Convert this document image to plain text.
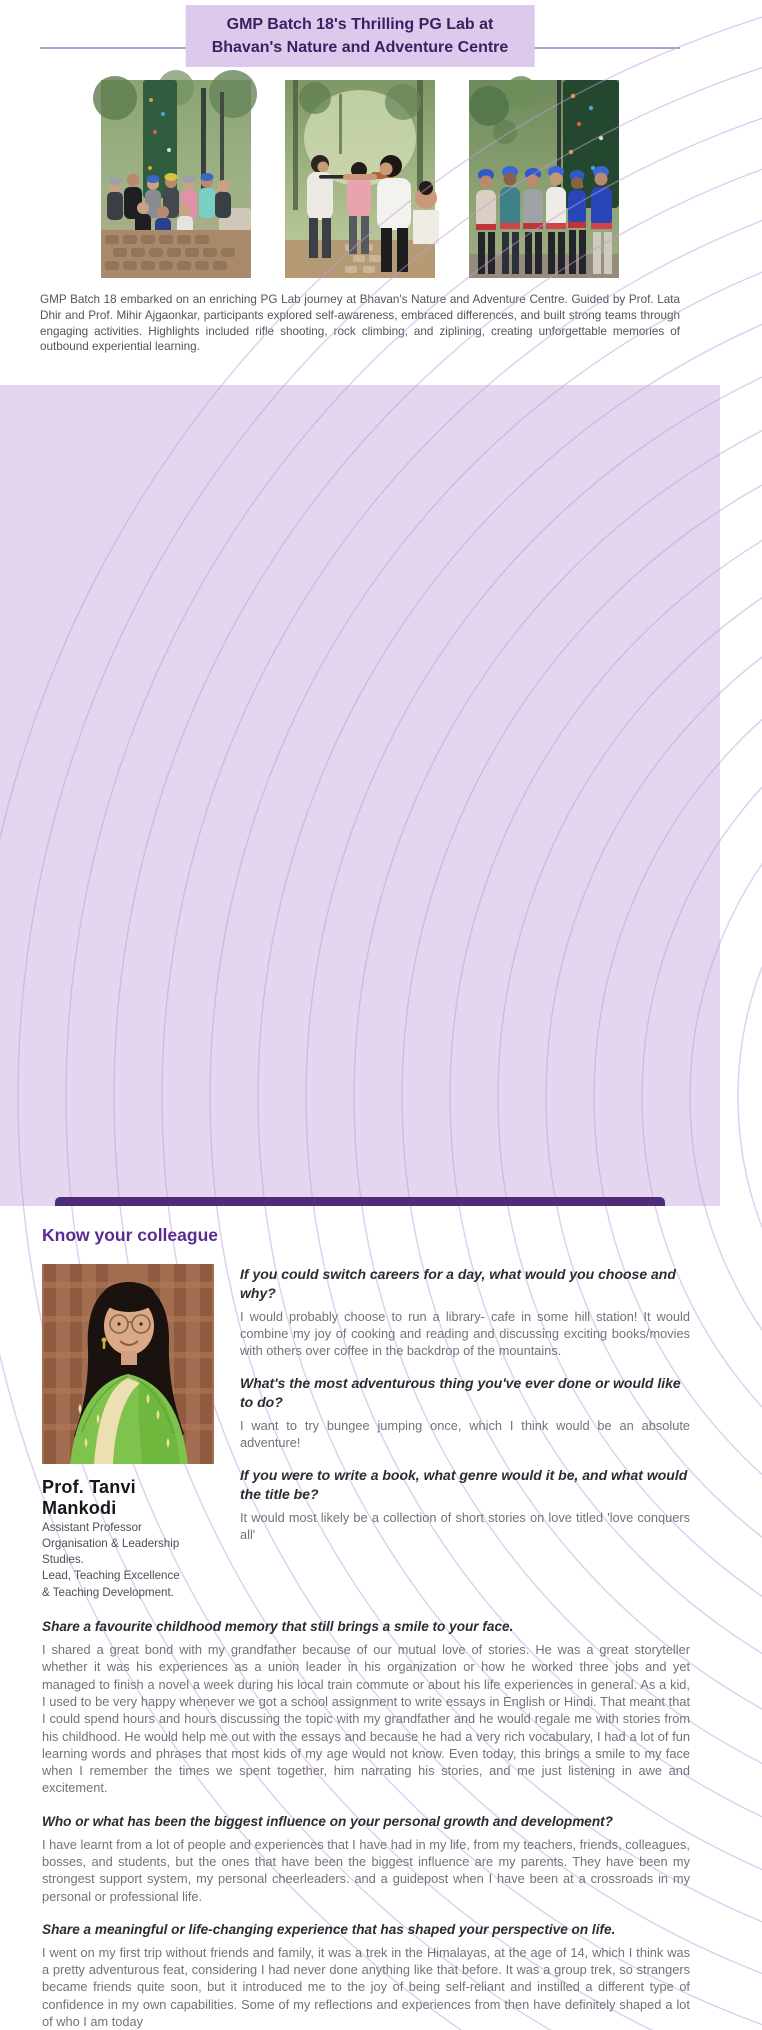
GMP Batch 18's Thrilling PG Lab at
Bhavan's Nature and Adventure Centre

GMP Batch 18 embarked on an enriching PG Lab journey at Bhavan's Nature and Adventure Centre. Guided by Prof. Lata Dhir and Prof. Mihir Ajgaonkar, participants explored self-awareness, embraced differences, and built strong teams through engaging activities. Highlights included rifle shooting, rock climbing, and ziplining, creating unforgettable memories of outbound experiential learning.

Know your colleague
Prof. Tanvi Mankodi
Assistant Professor
Organisation & Leadership Studies.
Lead, Teaching Excellence
& Teaching Development.
If you could switch careers for a day, what would you choose and why?

I would probably choose to run a library- cafe in some hill station! It would combine my joy of cooking and reading and discussing exciting books/movies with others over coffee in the backdrop of the mountains.

What's the most adventurous thing you've ever done or would like to do?

I want to try bungee jumping once, which I think would be an absolute adventure!

If you were to write a book, what genre would it be, and what would the title be?

It would most likely be a collection of short stories on love titled 'love conquers all'

Share a favourite childhood memory that still brings a smile to your face.

I shared a great bond with my grandfather because of our mutual love of stories. He was a great storyteller whether it was his experiences as a union leader in his organization or how he worked three jobs and yet managed to finish a novel a week during his local train commute or about his life experiences in general. As a kid, I used to be very happy whenever we got a school assignment to write essays in English or Hindi. That meant that I could spend hours and hours discussing the topic with my grandfather and he would regale me with stories from his childhood. He would help me out with the essays and because he had a very rich vocabulary, I had a lot of fun learning words and phrases that most kids of my age would not know. Even today, this brings a smile to my face when I remember the times we spent together, him narrating his stories, and me just listening in awe and excitement.

Who or what has been the biggest influence on your personal growth and development?

I have learnt from a lot of people and experiences that I have had in my life, from my teachers, friends, colleagues, bosses, and students, but the ones that have been the biggest influence are my parents. They have been my strongest support system, my personal cheerleaders. and a guidepost when I have been at a crossroads in my personal or professional life.

Share a meaningful or life-changing experience that has shaped your perspective on life.

I went on my first trip without friends and family, it was a trek in the Himalayas, at the age of 14, which I think was a pretty adventurous feat, considering I had never done anything like that before. It was a group trek, so strangers became friends quite soon, but it introduced me to the joy of being self-reliant and instilled a different type of confidence in my own capabilities. Some of my reflections and experiences from then have definitely shaped a lot of who I am today
